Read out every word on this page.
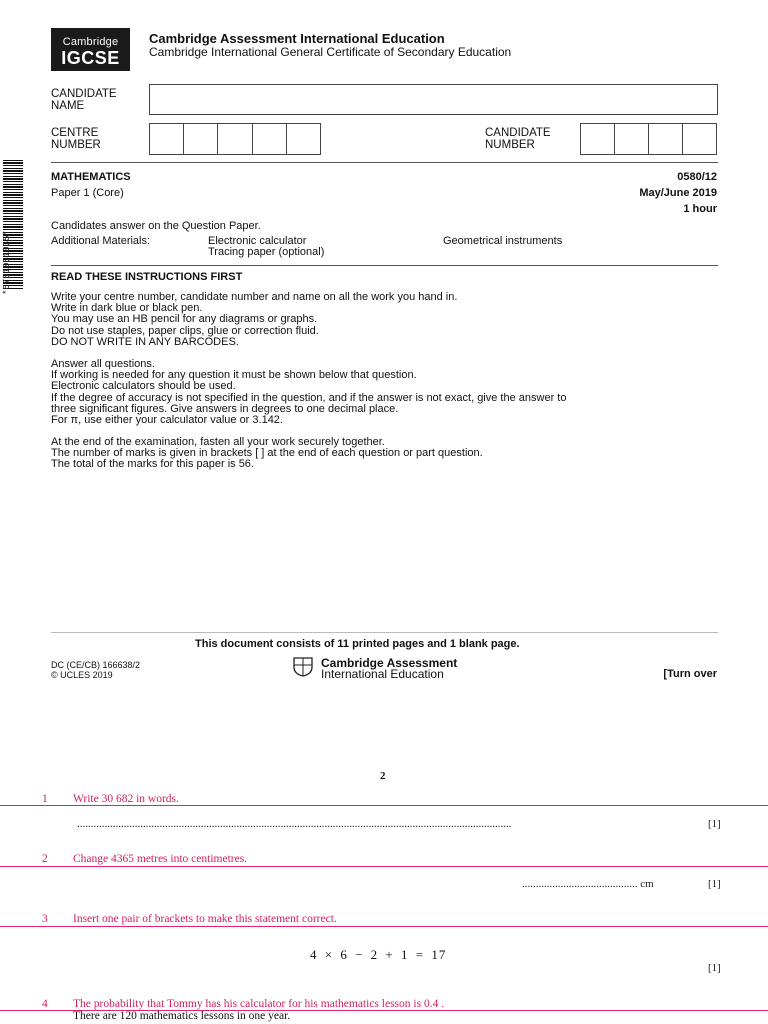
Cambridge
IGCSE
Cambridge Assessment International Education
Cambridge International General Certificate of Secondary Education
*6781051035*
CANDIDATE
NAME
CENTRE
NUMBER
CANDIDATE
NUMBER
MATHEMATICS	0580/12
Paper 1 (Core)	May/June 2019
1 hour
Candidates answer on the Question Paper.
Additional Materials:	Electronic calculator
Tracing paper (optional)
Geometrical instruments
READ THESE INSTRUCTIONS FIRST

Write your centre number, candidate number and name on all the work you hand in.

Write in dark blue or black pen.

You may use an HB pencil for any diagrams or graphs.

Do not use staples, paper clips, glue or correction fluid.

DO NOT WRITE IN ANY BARCODES.

Answer all questions.

If working is needed for any question it must be shown below that question.

Electronic calculators should be used.

If the degree of accuracy is not specified in the question, and if the answer is not exact, give the answer to

three significant figures. Give answers in degrees to one decimal place.

For π, use either your calculator value or 3.142.

At the end of the examination, fasten all your work securely together.

The number of marks is given in brackets [ ] at the end of each question or part question.

The total of the marks for this paper is 56.

This document consists of 11 printed pages and 1 blank page.
DC (CE/CB) 166638/2
© UCLES 2019
Cambridge Assessment
International Education	[Turn over
2
1 Write 30 682 in words.
..............................................................................................................................................................	[1]
2 Change 4365 metres into centimetres.
.......................................... cm	[1]
3 Insert one pair of brackets to make this statement correct.
4 × 6 − 2 + 1 = 17
[1]
4 The probability that Tommy has his calculator for his mathematics lesson is 0.4 .
There are 120 mathematics lessons in one year.
